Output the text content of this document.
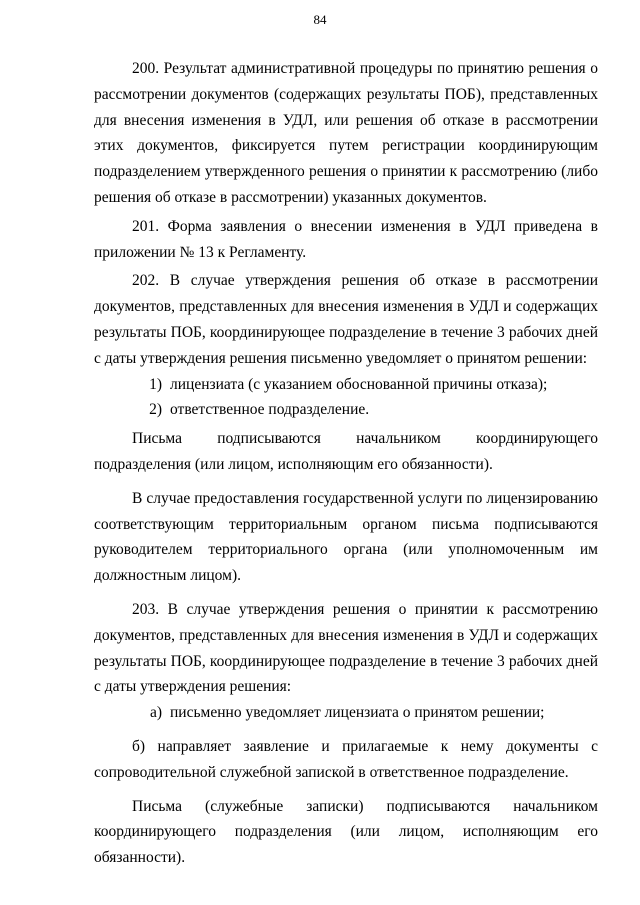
84

200. Результат административной процедуры по принятию решения о рассмотрении документов (содержащих результаты ПОБ), представленных для внесения изменения в УДЛ, или решения об отказе в рассмотрении этих документов, фиксируется путем регистрации координирующим подразделением утвержденного решения о принятии к рассмотрению (либо решения об отказе в рассмотрении) указанных документов.

201. Форма заявления о внесении изменения в УДЛ приведена в приложении № 13 к Регламенту.

202. В случае утверждения решения об отказе в рассмотрении документов, представленных для внесения изменения в УДЛ и содержащих результаты ПОБ, координирующее подразделение в течение 3 рабочих дней с даты утверждения решения письменно уведомляет о принятом решении:

1) лицензиата (с указанием обоснованной причины отказа);
2) ответственное подразделение.

Письма подписываются начальником координирующего подразделения (или лицом, исполняющим его обязанности).

В случае предоставления государственной услуги по лицензированию соответствующим территориальным органом письма подписываются руководителем территориального органа (или уполномоченным им должностным лицом).

203. В случае утверждения решения о принятии к рассмотрению документов, представленных для внесения изменения в УДЛ и содержащих результаты ПОБ, координирующее подразделение в течение 3 рабочих дней с даты утверждения решения:

а) письменно уведомляет лицензиата о принятом решении;

б) направляет заявление и прилагаемые к нему документы с сопроводительной служебной запиской в ответственное подразделение.

Письма (служебные записки) подписываются начальником координирующего подразделения (или лицом, исполняющим его обязанности).
